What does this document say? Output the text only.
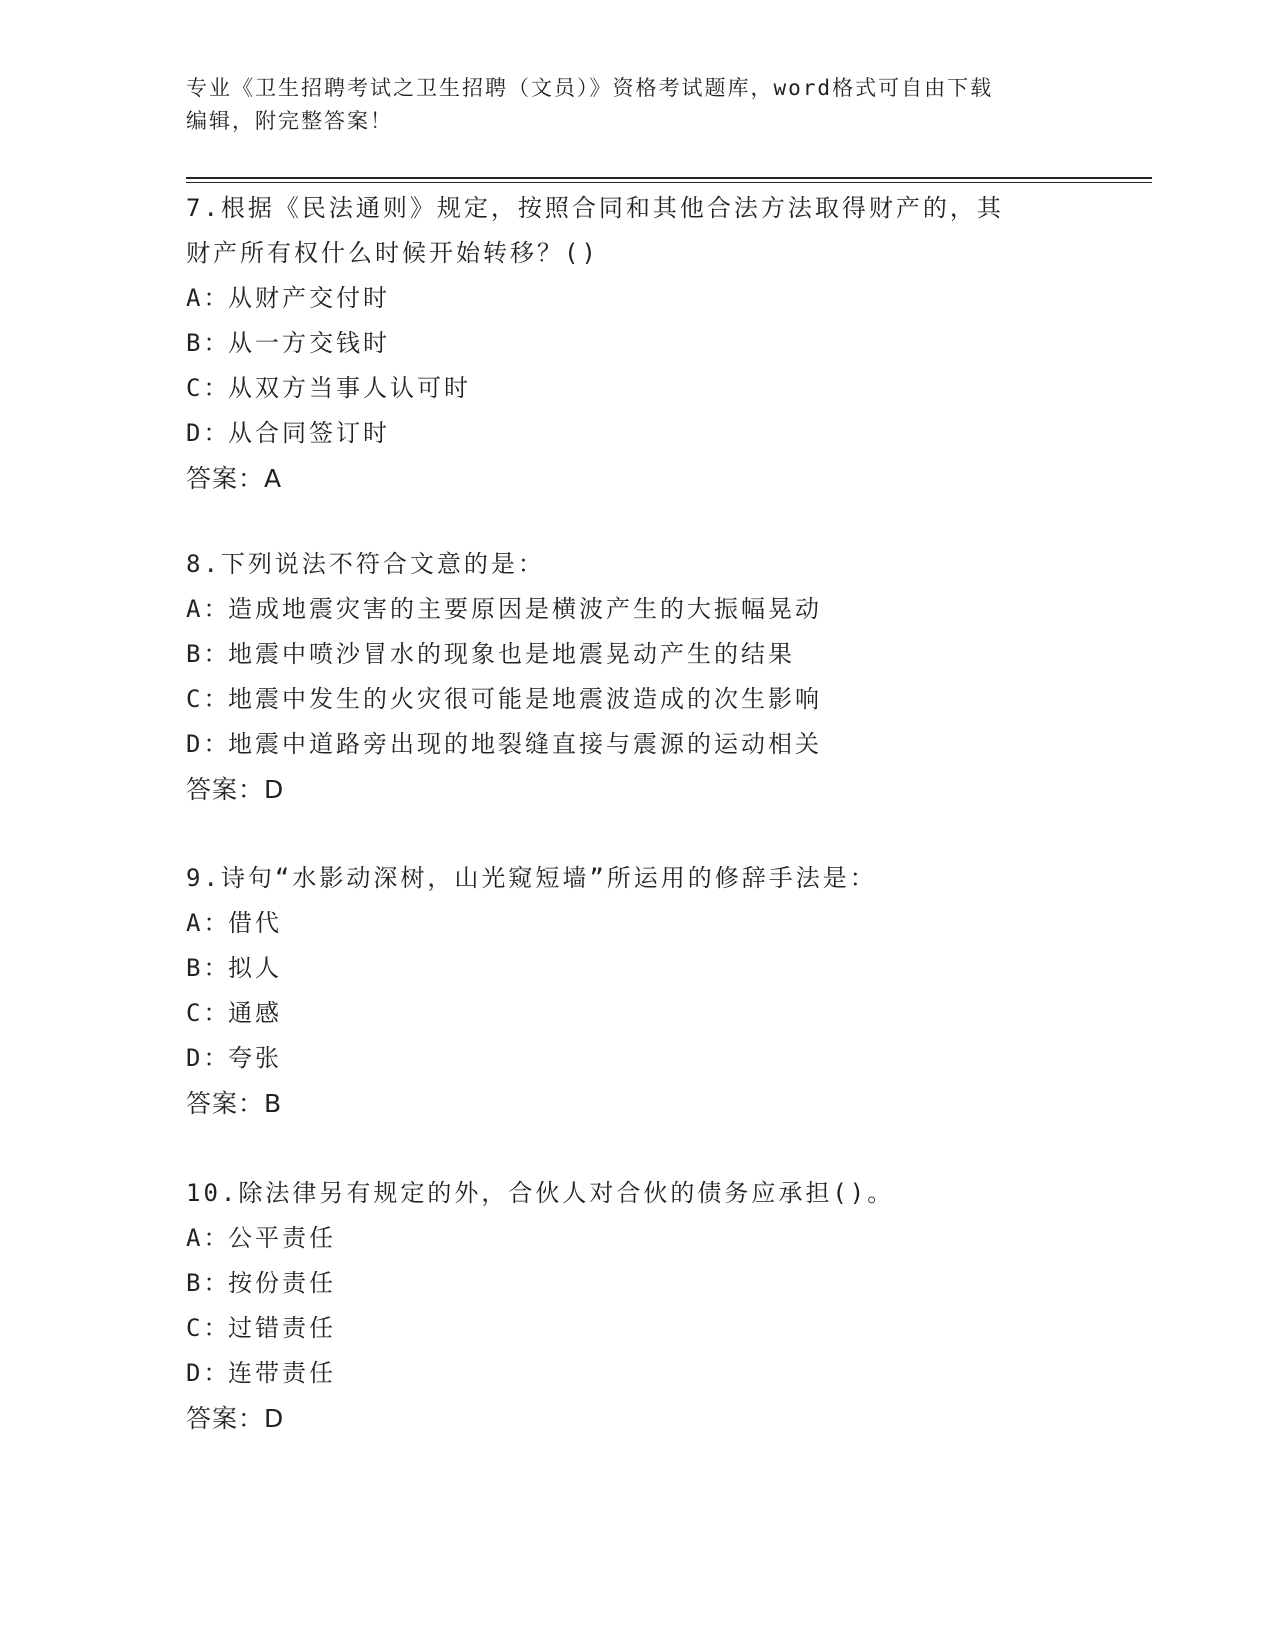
专业《卫生招聘考试之卫生招聘（文员）》资格考试题库，word格式可自由下载
编辑，附完整答案！

7.根据《民法通则》规定，按照合同和其他合法方法取得财产的，其

财产所有权什么时候开始转移？()

A：从财产交付时

B：从一方交钱时

C：从双方当事人认可时

D：从合同签订时

答案：A

8.下列说法不符合文意的是：

A：造成地震灾害的主要原因是横波产生的大振幅晃动

B：地震中喷沙冒水的现象也是地震晃动产生的结果

C：地震中发生的火灾很可能是地震波造成的次生影响

D：地震中道路旁出现的地裂缝直接与震源的运动相关

答案：D

9.诗句“水影动深树，山光窥短墙”所运用的修辞手法是：

A：借代

B：拟人

C：通感

D：夸张

答案：B

10.除法律另有规定的外，合伙人对合伙的债务应承担()。

A：公平责任

B：按份责任

C：过错责任

D：连带责任

答案：D
